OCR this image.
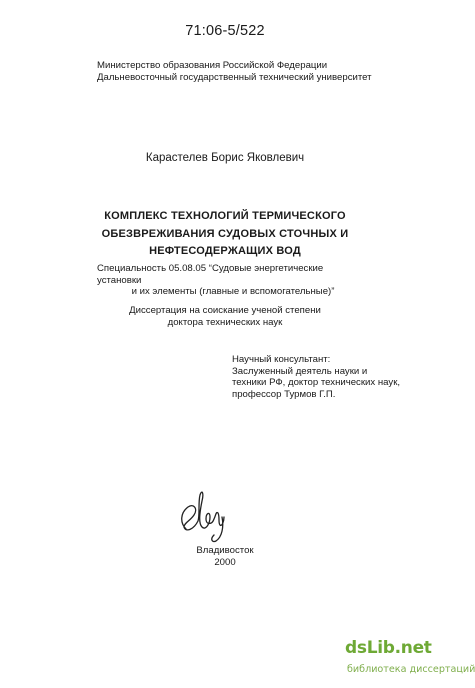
71:06-5/522
Министерство образования Российской Федерации
Дальневосточный государственный технический университет
Карастелев Борис Яковлевич
КОМПЛЕКС ТЕХНОЛОГИЙ ТЕРМИЧЕСКОГО
ОБЕЗВРЕЖИВАНИЯ СУДОВЫХ СТОЧНЫХ И
НЕФТЕСОДЕРЖАЩИХ ВОД
Специальность 05.08.05 “Судовые энергетические установки
и их элементы (главные и вспомогательные)”
Диссертация на соискание ученой степени
доктора технических наук
Научный консультант:
Заслуженный деятель науки и
техники РФ, доктор технических наук,
профессор Турмов Г.П.
Владивосток
2000
dsLib.net
библиотека диссертаций
